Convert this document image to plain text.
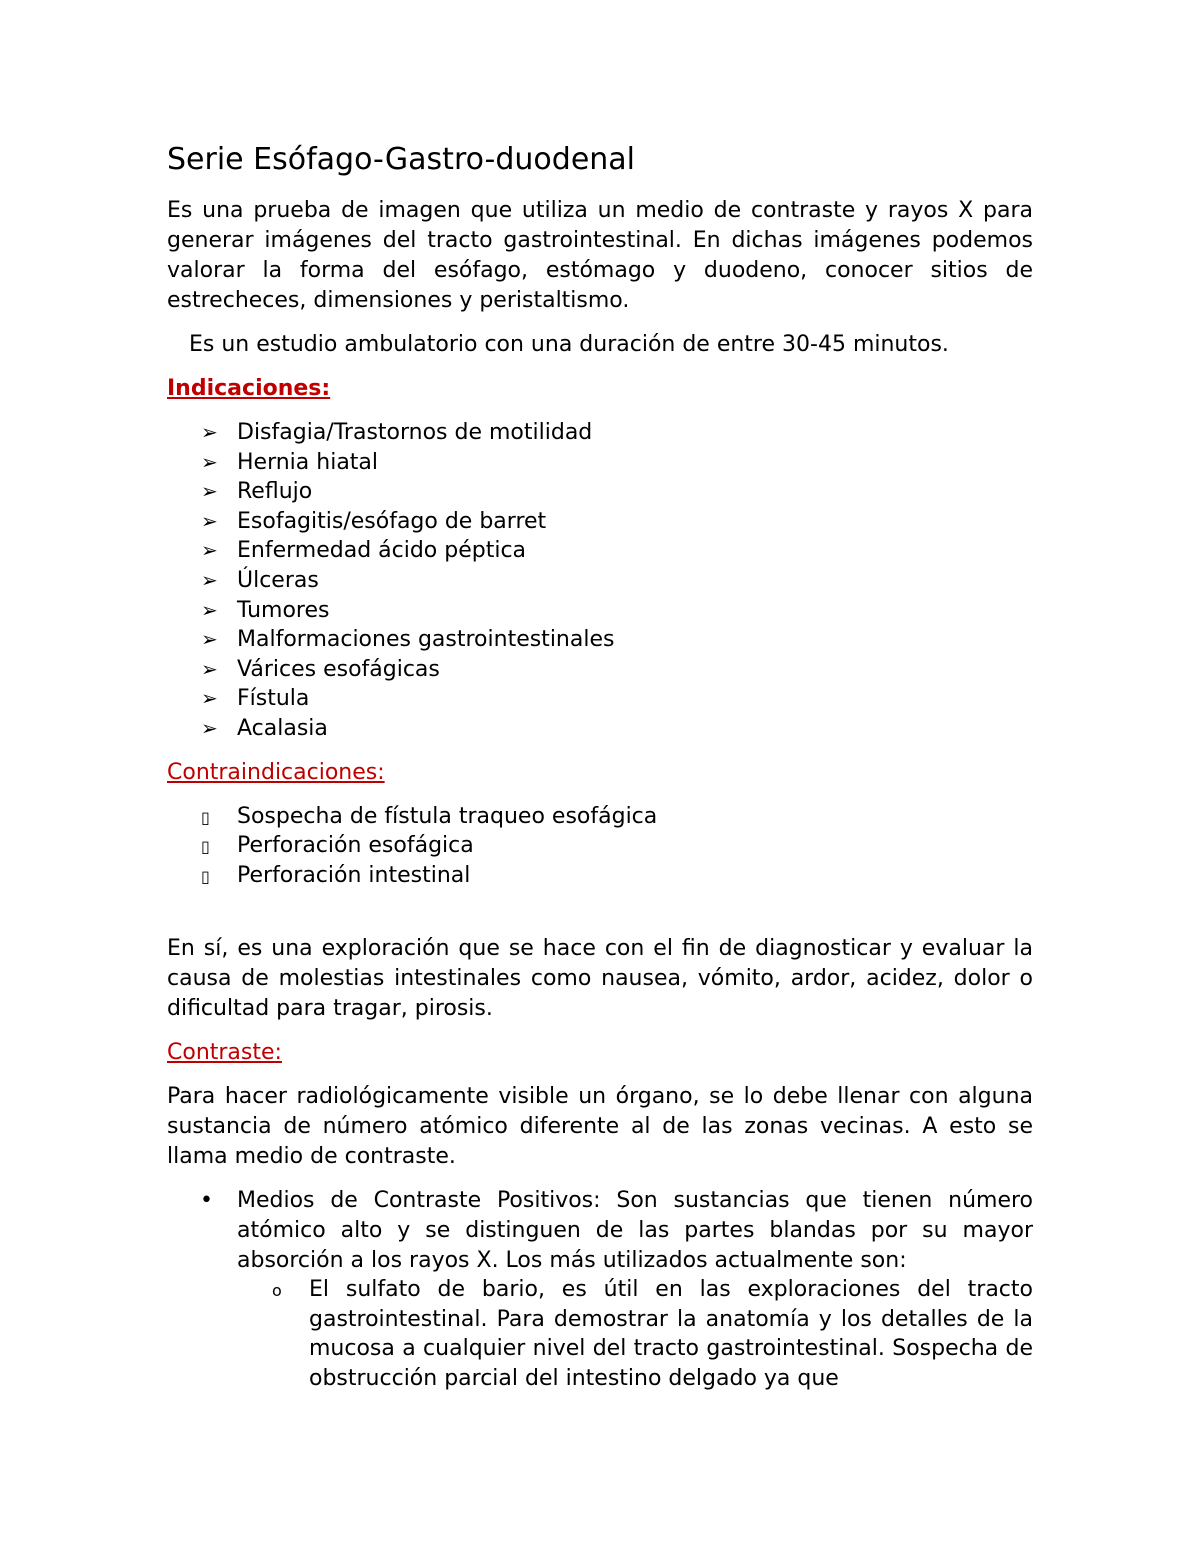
Serie Esófago-Gastro-duodenal

Es una prueba de imagen que utiliza un medio de contraste y rayos X para generar imágenes del tracto gastrointestinal. En dichas imágenes podemos valorar la forma del esófago, estómago y duodeno, conocer sitios de estrecheces, dimensiones y peristaltismo.

Es un estudio ambulatorio con una duración de entre 30-45 minutos.

Indicaciones:
➢ Disfagia/Trastornos de motilidad
➢ Hernia hiatal
➢ Reflujo
➢ Esofagitis/esófago de barret
➢ Enfermedad ácido péptica
➢ Úlceras
➢ Tumores
➢ Malformaciones gastrointestinales
➢ Várices esofágicas
➢ Fístula
➢ Acalasia
Contraindicaciones:
▯	Sospecha de fístula traqueo esofágica
▯	Perforación esofágica
▯	Perforación intestinal

En sí, es una exploración que se hace con el fin de diagnosticar y evaluar la causa de molestias intestinales como nausea, vómito, ardor, acidez, dolor o dificultad para tragar, pirosis.

Contraste:

Para hacer radiológicamente visible un órgano, se lo debe llenar con alguna sustancia de número atómico diferente al de las zonas vecinas. A esto se llama medio de contraste.

•	Medios de Contraste Positivos: Son sustancias que tienen número atómico alto y se distinguen de las partes blandas por su mayor absorción a los rayos X. Los más utilizados actualmente son:
o	El sulfato de bario, es útil en las exploraciones del tracto gastrointestinal. Para demostrar la anatomía y los detalles de la mucosa a cualquier nivel del tracto gastrointestinal. Sospecha de obstrucción parcial del intestino delgado ya que
